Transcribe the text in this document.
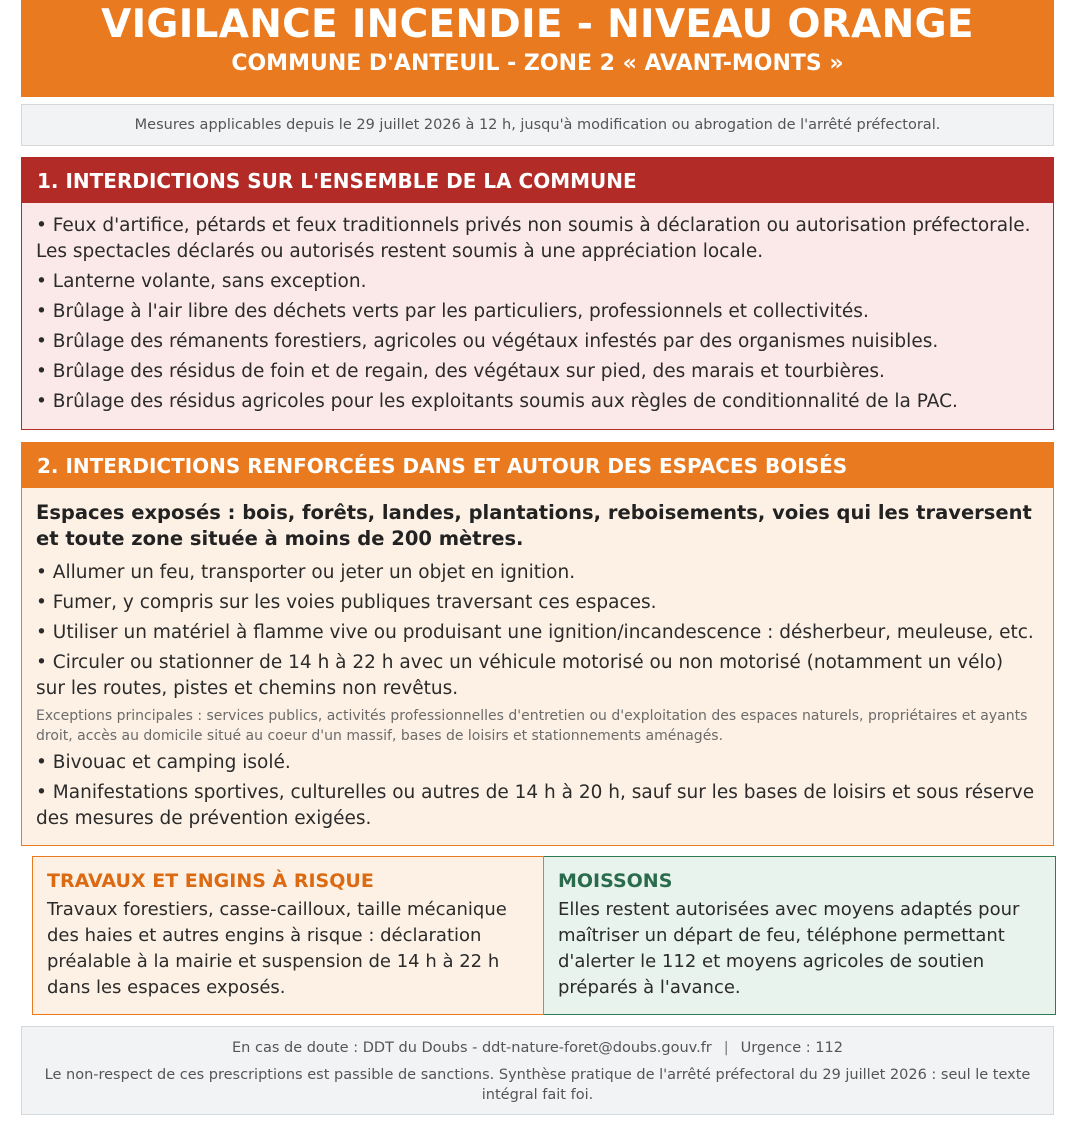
VIGILANCE INCENDIE - NIVEAU ORANGE
COMMUNE D'ANTEUIL - ZONE 2 « AVANT-MONTS »
Mesures applicables depuis le 29 juillet 2026 à 12 h, jusqu'à modification ou abrogation de l'arrêté préfectoral.
1. INTERDICTIONS SUR L'ENSEMBLE DE LA COMMUNE
• Feux d'artifice, pétards et feux traditionnels privés non soumis à déclaration ou autorisation préfectorale. Les spectacles déclarés ou autorisés restent soumis à une appréciation locale.
• Lanterne volante, sans exception.
• Brûlage à l'air libre des déchets verts par les particuliers, professionnels et collectivités.
• Brûlage des rémanents forestiers, agricoles ou végétaux infestés par des organismes nuisibles.
• Brûlage des résidus de foin et de regain, des végétaux sur pied, des marais et tourbières.
• Brûlage des résidus agricoles pour les exploitants soumis aux règles de conditionnalité de la PAC.
2. INTERDICTIONS RENFORCÉES DANS ET AUTOUR DES ESPACES BOISÉS
Espaces exposés : bois, forêts, landes, plantations, reboisements, voies qui les traversent et toute zone située à moins de 200 mètres.
• Allumer un feu, transporter ou jeter un objet en ignition.
• Fumer, y compris sur les voies publiques traversant ces espaces.
• Utiliser un matériel à flamme vive ou produisant une ignition/incandescence : désherbeur, meuleuse, etc.
• Circuler ou stationner de 14 h à 22 h avec un véhicule motorisé ou non motorisé (notamment un vélo) sur les routes, pistes et chemins non revêtus.
Exceptions principales : services publics, activités professionnelles d'entretien ou d'exploitation des espaces naturels, propriétaires et ayants droit, accès au domicile situé au coeur d'un massif, bases de loisirs et stationnements aménagés.
• Bivouac et camping isolé.
• Manifestations sportives, culturelles ou autres de 14 h à 20 h, sauf sur les bases de loisirs et sous réserve des mesures de prévention exigées.
TRAVAUX ET ENGINS À RISQUE
Travaux forestiers, casse-cailloux, taille mécanique des haies et autres engins à risque : déclaration préalable à la mairie et suspension de 14 h à 22 h dans les espaces exposés.
MOISSONS
Elles restent autorisées avec moyens adaptés pour maîtriser un départ de feu, téléphone permettant d'alerter le 112 et moyens agricoles de soutien préparés à l'avance.
En cas de doute : DDT du Doubs - ddt-nature-foret@doubs.gouv.fr | Urgence : 112
Le non-respect de ces prescriptions est passible de sanctions. Synthèse pratique de l'arrêté préfectoral du 29 juillet 2026 : seul le texte intégral fait foi.
